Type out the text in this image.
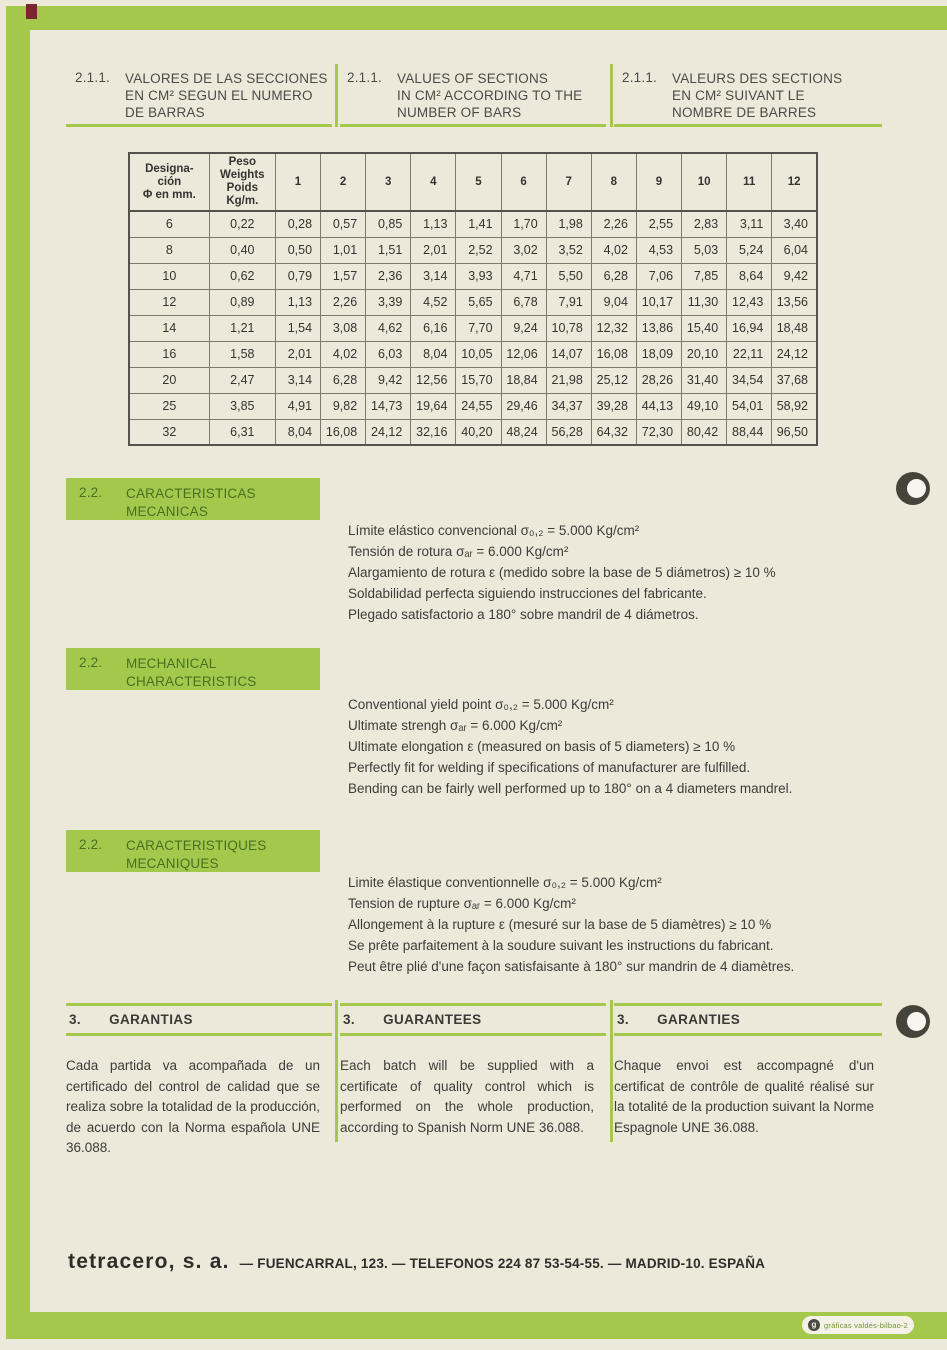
2.1.1. VALORES DE LAS SECCIONES
EN CM² SEGUN EL NUMERO
DE BARRAS
2.1.1. VALUES OF SECTIONS
IN CM² ACCORDING TO THE
NUMBER OF BARS
2.1.1. VALEURS DES SECTIONS
EN CM² SUIVANT LE
NOMBRE DE BARRES
Designa-
ción
Φ en mm.

Peso
Weights
Poids
Kg/m.

1	2	3	4	5	6	7	8	9	10	11	12

6	0,22	0,28	0,57	0,85	1,13	1,41	1,70	1,98	2,26	2,55	2,83	3,11	3,40
8	0,40	0,50	1,01	1,51	2,01	2,52	3,02	3,52	4,02	4,53	5,03	5,24	6,04
10	0,62	0,79	1,57	2,36	3,14	3,93	4,71	5,50	6,28	7,06	7,85	8,64	9,42
12	0,89	1,13	2,26	3,39	4,52	5,65	6,78	7,91	9,04	10,17	11,30	12,43	13,56
14	1,21	1,54	3,08	4,62	6,16	7,70	9,24	10,78	12,32	13,86	15,40	16,94	18,48
16	1,58	2,01	4,02	6,03	8,04	10,05	12,06	14,07	16,08	18,09	20,10	22,11	24,12
20	2,47	3,14	6,28	9,42	12,56	15,70	18,84	21,98	25,12	28,26	31,40	34,54	37,68
25	3,85	4,91	9,82	14,73	19,64	24,55	29,46	34,37	39,28	44,13	49,10	54,01	58,92
32	6,31	8,04	16,08	24,12	32,16	40,20	48,24	56,28	64,32	72,30	80,42	88,44	96,50
2.2.	CARACTERISTICAS
MECANICAS
Límite elástico convencional σ₀,₂ = 5.000 Kg/cm²
Tensión de rotura σₐᵣ = 6.000 Kg/cm²
Alargamiento de rotura ε (medido sobre la base de 5 diámetros) ≥ 10 %
Soldabilidad perfecta siguiendo instrucciones del fabricante.
Plegado satisfactorio a 180° sobre mandril de 4 diámetros.
2.2.	MECHANICAL
CHARACTERISTICS
Conventional yield point σ₀,₂ = 5.000 Kg/cm²
Ultimate strengh σₐᵣ = 6.000 Kg/cm²
Ultimate elongation ε (measured on basis of 5 diameters) ≥ 10 %
Perfectly fit for welding if specifications of manufacturer are fulfilled.
Bending can be fairly well performed up to 180° on a 4 diameters mandrel.
2.2.	CARACTERISTIQUES
MECANIQUES
Limite élastique conventionnelle σ₀,₂ = 5.000 Kg/cm²
Tension de rupture σₐᵣ = 6.000 Kg/cm²
Allongement à la rupture ε (mesuré sur la base de 5 diamètres) ≥ 10 %
Se prête parfaitement à la soudure suivant les instructions du fabricant.
Peut être plié d'une façon satisfaisante à 180° sur mandrin de 4 diamètres.
3. GARANTIAS	3. GUARANTEES	3. GARANTIES
Cada partida va acompañada de un certificado del control de calidad que se realiza sobre la totalidad de la producción, de acuerdo con la Norma española UNE 36.088.
Each batch will be supplied with a certificate of quality control which is performed on the whole production, according to Spanish Norm UNE 36.088.
Chaque envoi est accompagné d'un certificat de contrôle de qualité réalisé sur la totalité de la production suivant la Norme Espagnole UNE 36.088.
tetracero, s. a. — FUENCARRAL, 123. — TELEFONOS 224 87 53-54-55. — MADRID-10. ESPAÑA
g	gráficas valdés-bilbao-2
